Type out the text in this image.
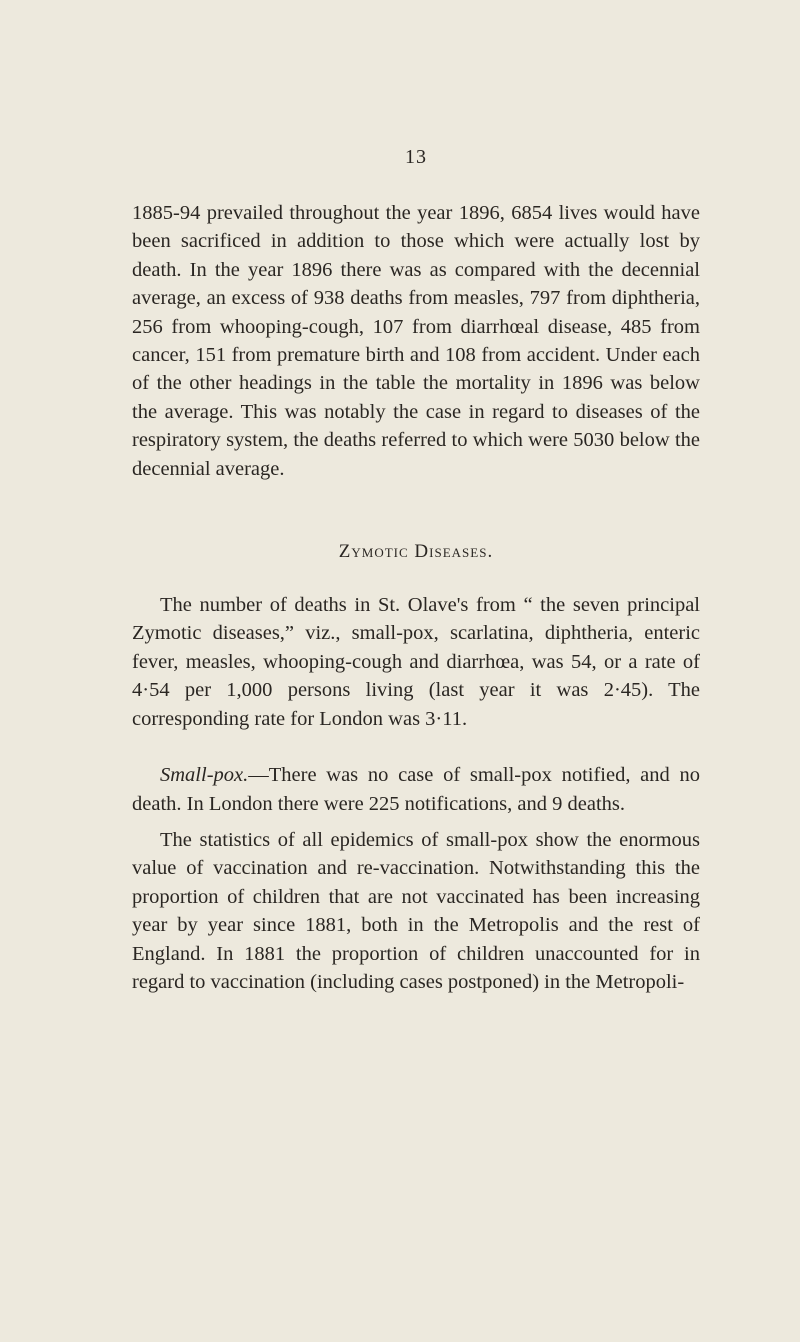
13

1885-94 prevailed throughout the year 1896, 6854 lives would have been sacrificed in addition to those which were actually lost by death. In the year 1896 there was as compared with the decennial average, an excess of 938 deaths from measles, 797 from diphtheria, 256 from whooping-cough, 107 from diarrhœal disease, 485 from cancer, 151 from premature birth and 108 from accident. Under each of the other headings in the table the mortality in 1896 was below the average. This was notably the case in regard to diseases of the respiratory system, the deaths referred to which were 5030 below the decennial average.

Zymotic Diseases.

The number of deaths in St. Olave's from “ the seven principal Zymotic diseases,” viz., small-pox, scarlatina, diphtheria, enteric fever, measles, whooping-cough and diarrhœa, was 54, or a rate of 4·54 per 1,000 persons living (last year it was 2·45). The corresponding rate for London was 3·11.

Small-pox.—There was no case of small-pox notified, and no death. In London there were 225 notifications, and 9 deaths.

The statistics of all epidemics of small-pox show the enormous value of vaccination and re-vaccination. Notwithstanding this the proportion of children that are not vaccinated has been increasing year by year since 1881, both in the Metropolis and the rest of England. In 1881 the proportion of children unaccounted for in regard to vaccination (including cases postponed) in the Metropoli-
